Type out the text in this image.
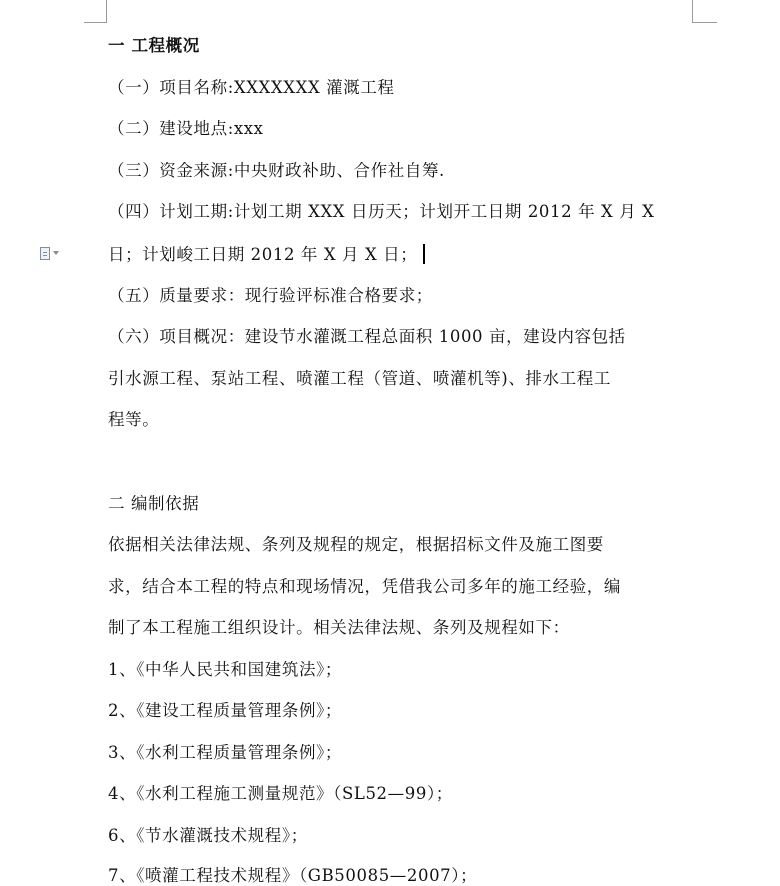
一 工程概况
（一）项目名称:XXXXXXX 灌溉工程
（二）建设地点:xxx
（三）资金来源:中央财政补助、合作社自筹.
（四）计划工期:计划工期 XXX 日历天；计划开工日期 2012 年 X 月 X
日；计划峻工日期 2012 年 X 月 X 日；
（五）质量要求：现行验评标准合格要求；
（六）项目概况：建设节水灌溉工程总面积 1000 亩，建设内容包括
引水源工程、泵站工程、喷灌工程（管道、喷灌机等)、排水工程工
程等。
二 编制依据
依据相关法律法规、条列及规程的规定，根据招标文件及施工图要
求，结合本工程的特点和现场情况，凭借我公司多年的施工经验，编
制了本工程施工组织设计。相关法律法规、条列及规程如下：
1、《中华人民共和国建筑法》；
2、《建设工程质量管理条例》；
3、《水利工程质量管理条例》；
4、《水利工程施工测量规范》（SL52—99）；
6、《节水灌溉技术规程》；
7、《喷灌工程技术规程》（GB50085—2007）；
